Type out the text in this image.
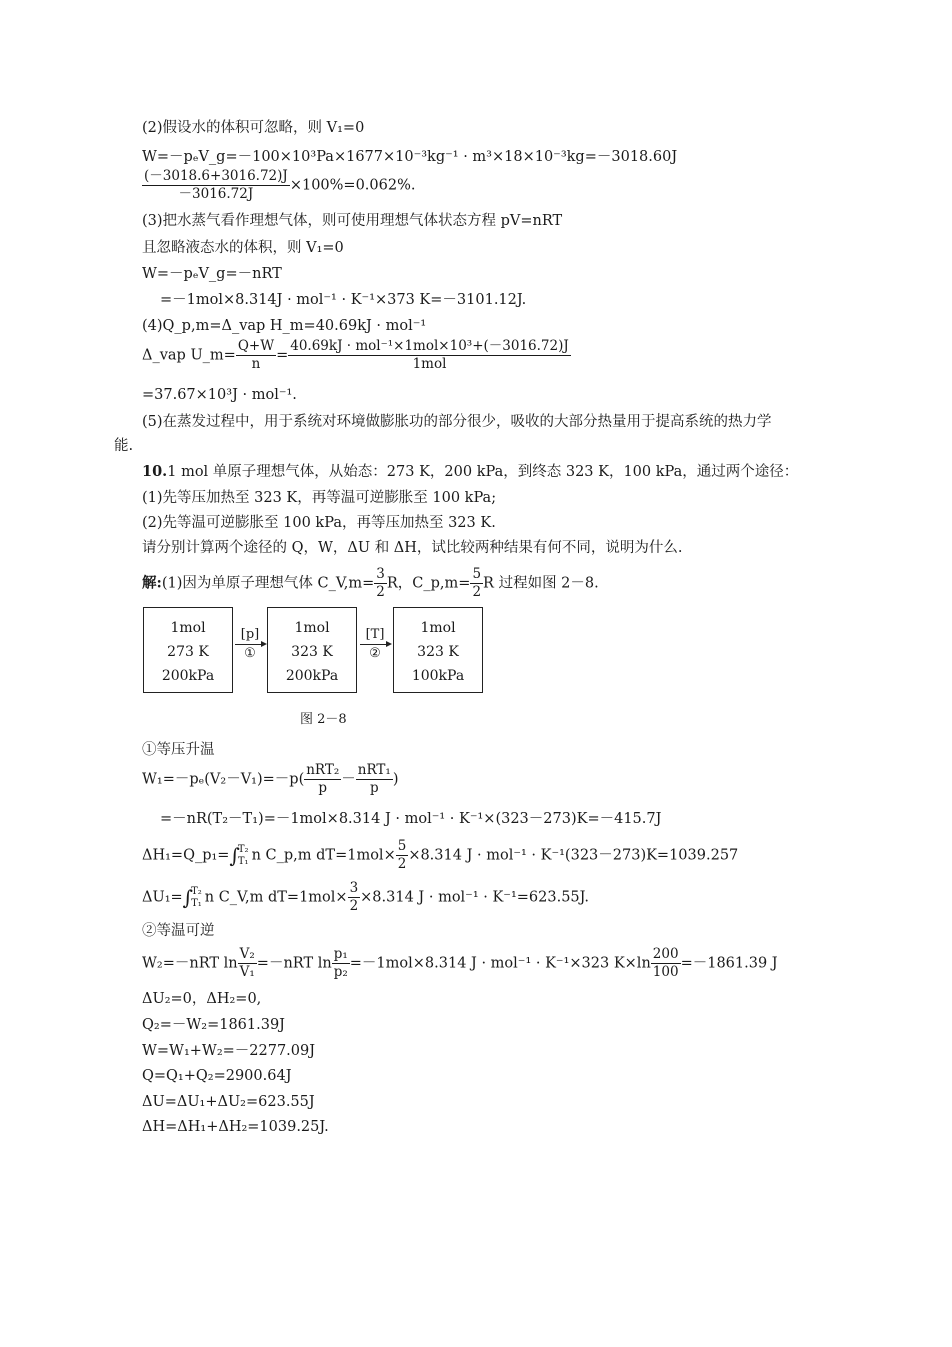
(2)假设水的体积可忽略，则 V₁=0
W=－pₑV_g=－100×10³Pa×1677×10⁻³kg⁻¹ · m³×18×10⁻³kg=－3018.60J
$\frac{(-3018.6+3016.72)J}{-3016.72J} \times 100\%=0.062\%$.
(3)把水蒸气看作理想气体，则可使用理想气体状态方程 pV=nRT
且忽略液态水的体积，则 V₁=0
W=－pₑV_g=－nRT
=－1mol×8.314J · mol⁻¹ · K⁻¹×373 K=－3101.12J.
(4)Q_p,m=Δ_vap H_m=40.69kJ · mol⁻¹
Δ_vap U_m= $\frac{Q+W}{n} = \frac{\text{40.69kJ · mol⁻¹×1mol×10³+(－3016.72)J}}{\text{1mol}}$
=37.67×10³J · mol⁻¹.
(5)在蒸发过程中，用于系统对环境做膨胀功的部分很少，吸收的大部分热量用于提高系统的热力学
能.
10.1 mol 单原子理想气体，从始态：273 K，200 kPa，到终态 323 K，100 kPa，通过两个途径：
(1)先等压加热至 323 K，再等温可逆膨胀至 100 kPa;
(2)先等温可逆膨胀至 100 kPa，再等压加热至 323 K.
请分别计算两个途径的 Q，W，ΔU 和 ΔH，试比较两种结果有何不同，说明为什么.
解:(1)因为单原子理想气体 C_V,m= $\frac{3}{2}$ R，C_p,m= $\frac{5}{2}$ R 过程如图 2－8.
1mol
273 K
200kPa
[p]
①
1mol
323 K
200kPa
[T]
②
1mol
323 K
100kPa
图 2－8
①等压升温
$W_1=-p_e(V_2-V_1)=-p( \frac{\text{nRT₂}}{p} - \frac{\text{nRT₁}}{p}$ )
=－nR(T₂－T₁)=－1mol×8.314 J · mol⁻¹ · K⁻¹×(323－273)K=－415.7J
ΔH₁=Q_p₁=∫
T₂
T₁ n C_p,m $dT=1mol\times \frac{5}{2} \times 8.314$ J · mol⁻¹ · K⁻¹(323－273)K=1039.257
ΔU₁=∫
T₂
T₁ n C_V,m $dT=1mol\times \frac{3}{2} \times 8.314$ J · mol⁻¹ · K⁻¹=623.55J.
②等温可逆
W₂=－nRT $\ln \frac{\text{V₂}}{\text{V₁}} =-nRT$ $\ln \frac{\text{p₁}}{\text{p₂}} =-1mol\times 8.314$ J · mol⁻¹ · K⁻¹×323 $K\times\ln \frac{200}{100} =-1861.39$ J
ΔU₂=0，ΔH₂=0,
Q₂=－W₂=1861.39J
W=W₁+W₂=－2277.09J
Q=Q₁+Q₂=2900.64J
ΔU=ΔU₁+ΔU₂=623.55J
ΔH=ΔH₁+ΔH₂=1039.25J.
